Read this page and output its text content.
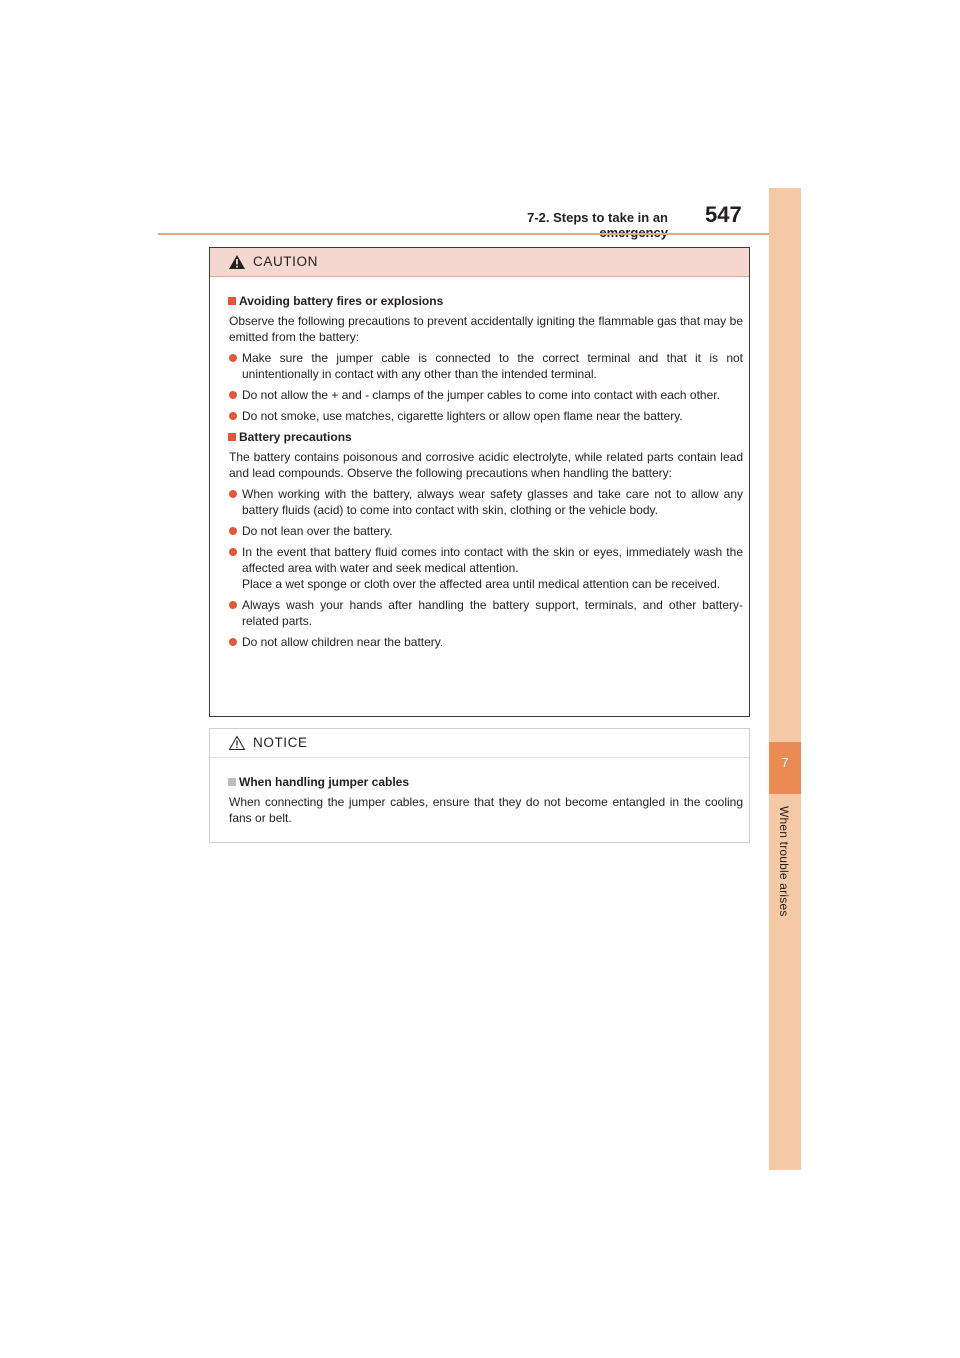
7-2. Steps to take in an 547
7
When trouble arises
CAUTION
Avoiding battery fires or explosions
Observe the following precautions to prevent accidentally igniting the flammable gas that may be emitted from the battery:
Make sure the jumper cable is connected to the correct terminal and that it is not unintentionally in contact with any other than the intended terminal.
Do not allow the + and - clamps of the jumper cables to come into contact with each other.
Do not smoke, use matches, cigarette lighters or allow open flame near the battery.
Battery precautions
The battery contains poisonous and corrosive acidic electrolyte, while related parts contain lead and lead compounds. Observe the following precautions when handling the battery:
When working with the battery, always wear safety glasses and take care not to allow any battery fluids (acid) to come into contact with skin, clothing or the vehicle body.
Do not lean over the battery.
In the event that battery fluid comes into contact with the skin or eyes, immediately wash the affected area with water and seek medical attention.
Place a wet sponge or cloth over the affected area until medical attention can be received.
Always wash your hands after handling the battery support, terminals, and other battery-related parts.
Do not allow children near the battery.
NOTICE
When handling jumper cables
When connecting the jumper cables, ensure that they do not become entangled in the cooling fans or belt.
